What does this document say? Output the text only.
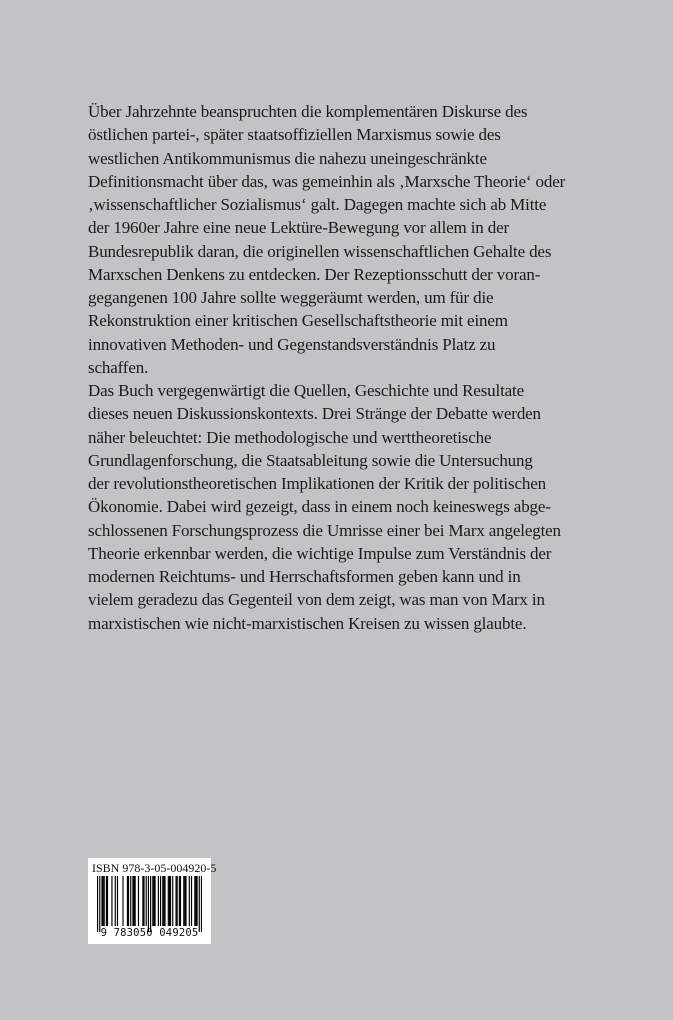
Über Jahrzehnte beanspruchten die komplementären Diskurse des
östlichen partei-, später staatsoffiziellen Marxismus sowie des
westlichen Antikommunismus die nahezu uneingeschränkte
Definitionsmacht über das, was gemeinhin als ‚Marxsche Theorie‘ oder
‚wissenschaftlicher Sozialismus‘ galt. Dagegen machte sich ab Mitte
der 1960er Jahre eine neue Lektüre-Bewegung vor allem in der
Bundesrepublik daran, die originellen wissenschaftlichen Gehalte des
Marxschen Denkens zu entdecken. Der Rezeptionsschutt der voran-
gegangenen 100 Jahre sollte weggeräumt werden, um für die
Rekonstruktion einer kritischen Gesellschaftstheorie mit einem
innovativen Methoden- und Gegenstandsverständnis Platz zu
schaffen.
Das Buch vergegenwärtigt die Quellen, Geschichte und Resultate
dieses neuen Diskussionskontexts. Drei Stränge der Debatte werden
näher beleuchtet: Die methodologische und werttheoretische
Grundlagenforschung, die Staatsableitung sowie die Untersuchung
der revolutionstheoretischen Implikationen der Kritik der politischen
Ökonomie. Dabei wird gezeigt, dass in einem noch keineswegs abge-
schlossenen Forschungsprozess die Umrisse einer bei Marx angelegten
Theorie erkennbar werden, die wichtige Impulse zum Verständnis der
modernen Reichtums- und Herrschaftsformen geben kann und in
vielem geradezu das Gegenteil von dem zeigt, was man von Marx in
marxistischen wie nicht-marxistischen Kreisen zu wissen glaubte.
ISBN 978-3-05-004920-5
9 783050 049205
